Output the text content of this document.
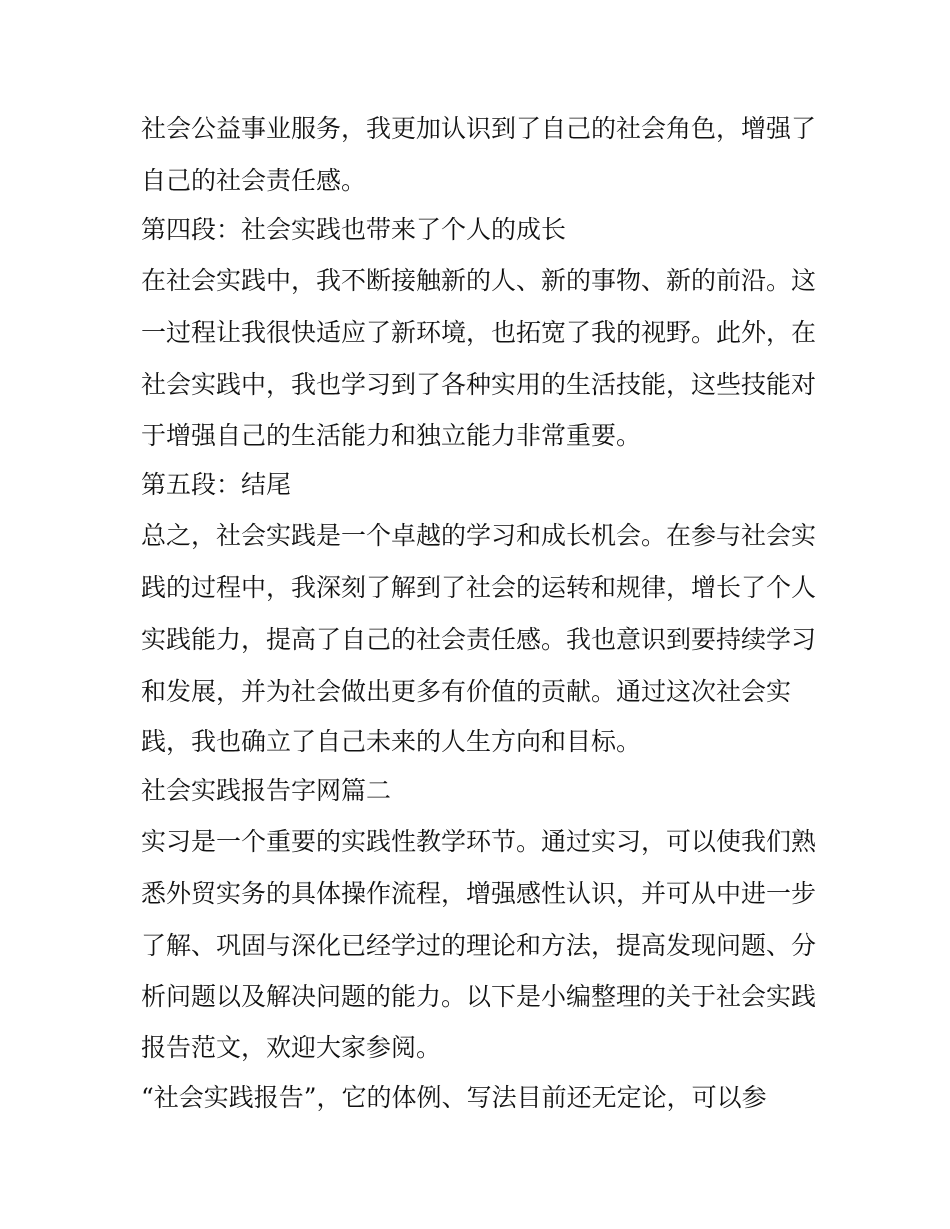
社会公益事业服务，我更加认识到了自己的社会角色，增强了
自己的社会责任感。
第四段：社会实践也带来了个人的成长
在社会实践中，我不断接触新的人、新的事物、新的前沿。这
一过程让我很快适应了新环境，也拓宽了我的视野。此外，在
社会实践中，我也学习到了各种实用的生活技能，这些技能对
于增强自己的生活能力和独立能力非常重要。
第五段：结尾
总之，社会实践是一个卓越的学习和成长机会。在参与社会实
践的过程中，我深刻了解到了社会的运转和规律，增长了个人
实践能力，提高了自己的社会责任感。我也意识到要持续学习
和发展，并为社会做出更多有价值的贡献。通过这次社会实
践，我也确立了自己未来的人生方向和目标。
社会实践报告字网篇二
实习是一个重要的实践性教学环节。通过实习，可以使我们熟
悉外贸实务的具体操作流程，增强感性认识，并可从中进一步
了解、巩固与深化已经学过的理论和方法，提高发现问题、分
析问题以及解决问题的能力。以下是小编整理的关于社会实践
报告范文，欢迎大家参阅。
“社会实践报告”，它的体例、写法目前还无定论，可以参
